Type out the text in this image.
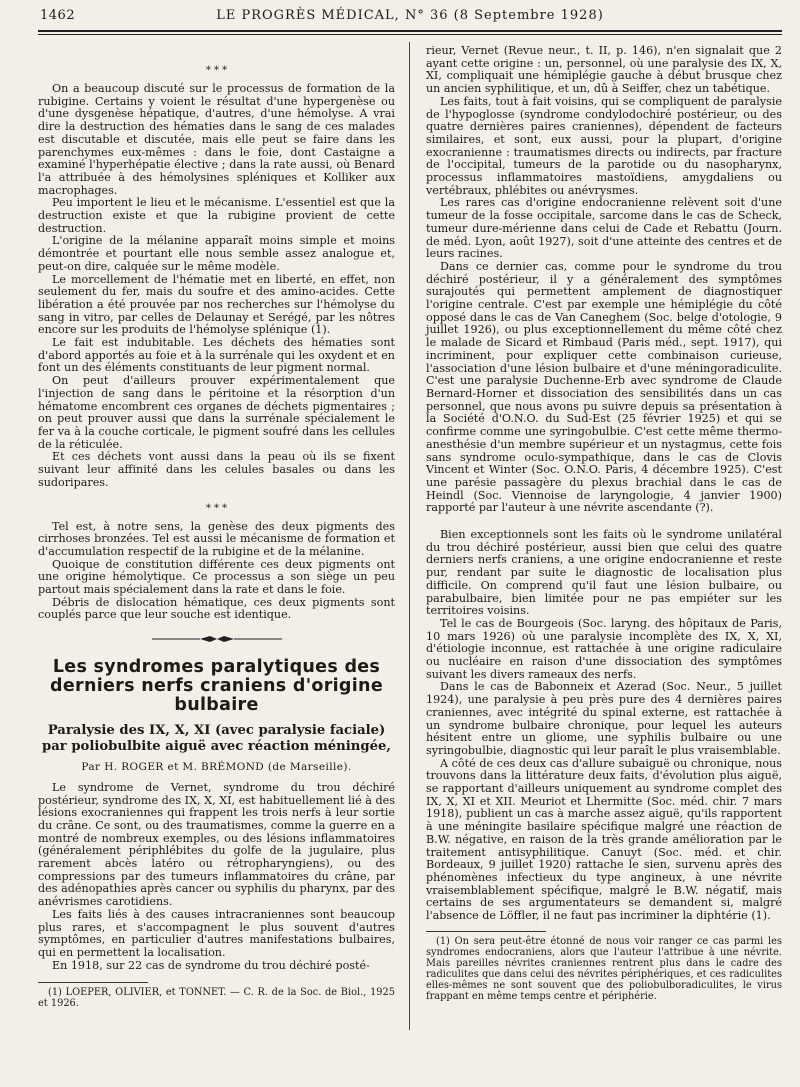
1462	LE PROGRÈS MÉDICAL, N° 36 (8 Septembre 1928)

* * *

On a beaucoup discuté sur le processus de formation de la rubigine. Certains y voient le résultat d'une hypergenèse ou d'une dysgenèse hépatique, d'autres, d'une hémolyse. A vrai dire la destruction des hématies dans le sang de ces malades est discutable et discutée, mais elle peut se faire dans les parenchymes eux-mêmes : dans le foie, dont Castaigne a examiné l'hyperhépatie élective ; dans la rate aussi, où Benard l'a attribuée à des hémolysines spléniques et Kolliker aux macrophages.

Peu importent le lieu et le mécanisme. L'essentiel est que la destruction existe et que la rubigine provient de cette destruction.

L'origine de la mélanine apparaît moins simple et moins démontrée et pourtant elle nous semble assez analogue et, peut-on dire, calquée sur le même modèle.

Le morcellement de l'hématie met en liberté, en effet, non seulement du fer, mais du soufre et des amino-acides. Cette libération a été prouvée par nos recherches sur l'hémolyse du sang in vitro, par celles de Delaunay et Serégé, par les nôtres encore sur les produits de l'hémolyse splénique (1).

Le fait est indubitable. Les déchets des hématies sont d'abord apportés au foie et à la surrénale qui les oxydent et en font un des éléments constituants de leur pigment normal.

On peut d'ailleurs prouver expérimentalement que l'injection de sang dans le péritoine et la résorption d'un hématome encombrent ces organes de déchets pigmentaires ; on peut prouver aussi que dans la surrénale spécialement le fer va à la couche corticale, le pigment soufré dans les cellules de la réticulée.

Et ces déchets vont aussi dans la peau où ils se fixent suivant leur affinité dans les celules basales ou dans les sudoripares.

* * *

Tel est, à notre sens, la genèse des deux pigments des cirrhoses bronzées. Tel est aussi le mécanisme de formation et d'accumulation respectif de la rubigine et de la mélanine.

Quoique de constitution différente ces deux pigments ont une origine hémolytique. Ce processus a son siège un peu partout mais spécialement dans la rate et dans le foie.

Débris de dislocation hématique, ces deux pigments sont couplés parce que leur souche est identique.

Les syndromes paralytiques des derniers nerfs craniens d'origine bulbaire

Paralysie des IX, X, XI (avec paralysie faciale) par poliobulbite aiguë avec réaction méningée,

Par H. ROGER et M. BRÉMOND (de Marseille).

Le syndrome de Vernet, syndrome du trou déchiré postérieur, syndrome des IX, X, XI, est habituellement lié à des lésions exocraniennes qui frappent les trois nerfs à leur sortie du crâne. Ce sont, ou des traumatismes, comme la guerre en a montré de nombreux exemples, ou des lésions inflammatoires (généralement périphlébites du golfe de la jugulaire, plus rarement abcès latéro ou rétropharyngiens), ou des compressions par des tumeurs inflammatoires du crâne, par des adénopathies après cancer ou syphilis du pharynx, par des anévrismes carotidiens.

Les faits liés à des causes intracraniennes sont beaucoup plus rares, et s'accompagnent le plus souvent d'autres symptômes, en particulier d'autres manifestations bulbaires, qui en permettent la localisation.

En 1918, sur 22 cas de syndrome du trou déchiré posté-

(1) LOEPER, OLIVIER, et TONNET. — C. R. de la Soc. de Biol., 1925 et 1926.

rieur, Vernet (Revue neur., t. II, p. 146), n'en signalait que 2 ayant cette origine : un, personnel, où une paralysie des IX, X, XI, compliquait une hémiplégie gauche à début brusque chez un ancien syphilitique, et un, dû à Seiffer, chez un tabétique.

Les faits, tout à fait voisins, qui se compliquent de paralysie de l'hypoglosse (syndrome condylodochiré postérieur, ou des quatre dernières paires craniennes), dépendent de facteurs similaires, et sont, eux aussi, pour la plupart, d'origine exocranienne : traumatismes directs ou indirects, par fracture de l'occipital, tumeurs de la parotide ou du nasopharynx, processus inflammatoires mastoïdiens, amygdaliens ou vertébraux, phlébites ou anévrysmes.

Les rares cas d'origine endocranienne relèvent soit d'une tumeur de la fosse occipitale, sarcome dans le cas de Scheck, tumeur dure-mérienne dans celui de Cade et Rebattu (Journ. de méd. Lyon, août 1927), soit d'une atteinte des centres et de leurs racines.

Dans ce dernier cas, comme pour le syndrome du trou déchiré postérieur, il y a généralement des symptômes surajoutés qui permettent amplement de diagnostiquer l'origine centrale. C'est par exemple une hémiplégie du côté opposé dans le cas de Van Caneghem (Soc. belge d'otologie, 9 juillet 1926), ou plus exceptionnellement du même côté chez le malade de Sicard et Rimbaud (Paris méd., sept. 1917), qui incriminent, pour expliquer cette combinaison curieuse, l'association d'une lésion bulbaire et d'une méningoradiculite. C'est une paralysie Duchenne-Erb avec syndrome de Claude Bernard-Horner et dissociation des sensibilités dans un cas personnel, que nous avons pu suivre depuis sa présentation à la Société d'O.N.O. du Sud-Est (25 février 1925) et qui se confirme comme une syringobulbie. C'est cette même thermo-anesthésie d'un membre supérieur et un nystagmus, cette fois sans syndrome oculo-sympathique, dans le cas de Clovis Vincent et Winter (Soc. O.N.O. Paris, 4 décembre 1925). C'est une parésie passagère du plexus brachial dans le cas de Heindl (Soc. Viennoise de laryngologie, 4 janvier 1900) rapporté par l'auteur à une névrite ascendante (?).

Bien exceptionnels sont les faits où le syndrome unilatéral du trou déchiré postérieur, aussi bien que celui des quatre derniers nerfs craniens, a une origine endocranienne et reste pur, rendant par suite le diagnostic de localisation plus difficile. On comprend qu'il faut une lésion bulbaire, ou parabulbaire, bien limitée pour ne pas empiéter sur les territoires voisins.

Tel le cas de Bourgeois (Soc. laryng. des hôpitaux de Paris, 10 mars 1926) où une paralysie incomplète des IX, X, XI, d'étiologie inconnue, est rattachée à une origine radiculaire ou nucléaire en raison d'une dissociation des symptômes suivant les divers rameaux des nerfs.

Dans le cas de Babonneix et Azerad (Soc. Neur., 5 juillet 1924), une paralysie à peu près pure des 4 dernières paires craniennes, avec intégrité du spinal externe, est rattachée à un syndrome bulbaire chronique, pour lequel les auteurs hésitent entre un gliome, une syphilis bulbaire ou une syringobulbie, diagnostic qui leur paraît le plus vraisemblable.

A côté de ces deux cas d'allure subaiguë ou chronique, nous trouvons dans la littérature deux faits, d'évolution plus aiguë, se rapportant d'ailleurs uniquement au syndrome complet des IX, X, XI et XII. Meuriot et Lhermitte (Soc. méd. chir. 7 mars 1918), publient un cas à marche assez aiguë, qu'ils rapportent à une méningite basilaire spécifique malgré une réaction de B.W. négative, en raison de la très grande amélioration par le traitement antisyphilitique. Canuyt (Soc. méd. et chir. Bordeaux, 9 juillet 1920) rattache le sien, survenu après des phénomènes infectieux du type angineux, à une névrite vraisemblablement spécifique, malgré le B.W. négatif, mais certains de ses argumentateurs se demandent si, malgré l'absence de Löffler, il ne faut pas incriminer la diphtérie (1).

(1) On sera peut-être étonné de nous voir ranger ce cas parmi les syndromes endocraniens, alors que l'auteur l'attribue à une névrite. Mais pareilles névrites craniennes rentrent plus dans le cadre des radiculites que dans celui des névrites périphériques, et ces radiculites elles-mêmes ne sont souvent que des poliobulboradiculites, le virus frappant en même temps centre et périphérie.
